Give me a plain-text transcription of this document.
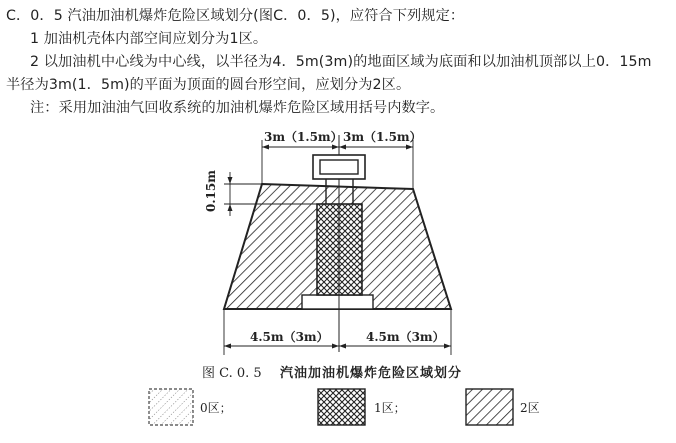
C．0．5 汽油加油机爆炸危险区域划分(图C．0．5)，应符合下列规定：
1 加油机壳体内部空间应划分为1区。
2 以加油机中心线为中心线，以半径为4．5m(3m)的地面区域为底面和以加油机顶部以上0．15m
半径为3m(1．5m)的平面为顶面的圆台形空间，应划分为2区。
注：采用加油油气回收系统的加油机爆炸危险区域用括号内数字。
3m（1.5m） 3m（1.5m）
0.15m
4.5m（3m）	4.5m（3m）
图 C. 0. 5 汽油加油机爆炸危险区域划分
0区；	1区；	2区
